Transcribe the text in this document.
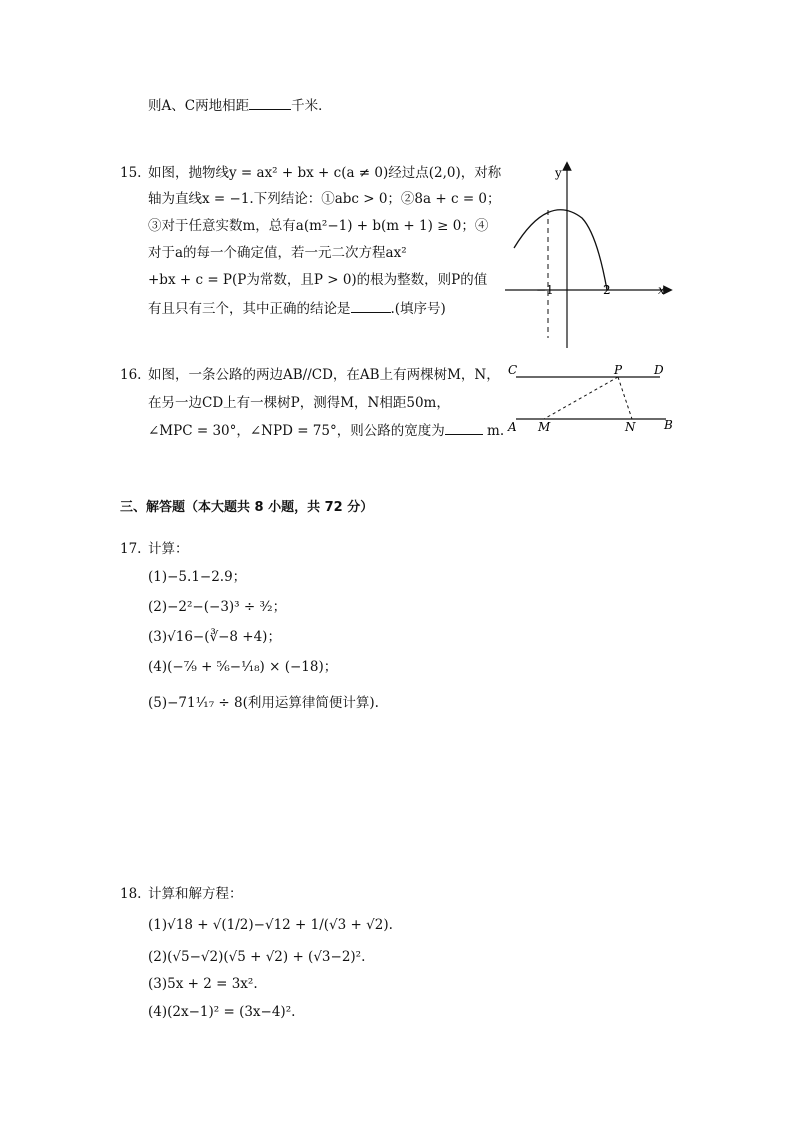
则A、C两地相距	千米．
15. 如图，抛物线y = ax² + bx + c(a ≠ 0)经过点(2,0)，对称
轴为直线x = −1.下列结论：①abc > 0；②8a + c = 0；
③对于任意实数m，总有a(m²−1) + b(m + 1) ≥ 0；④
对于a的每一个确定值，若一元二次方程ax²
+bx + c = P(P为常数，且P > 0)的根为整数，则P的值
有且只有三个，其中正确的结论是	.(填序号)
y
x
−1	2
16. 如图，一条公路的两边AB//CD，在AB上有两棵树M，N，
在另一边CD上有一棵树P，测得M，N相距50m，
∠MPC = 30°，∠NPD = 75°，则公路的宽度为	m.
C	P	D
A M	N B
三、解答题（本大题共 8 小题，共 72 分）
17. 计算：
(1)−5.1−2.9；
(2)−2²−(−3)³ ÷ ³⁄₂；
(3)√16−(∛−8 +4)；
(4)(−⁷⁄₉ + ⁵⁄₆−¹⁄₁₈) × (−18)；
(5)−71¹⁄₁₇ ÷ 8(利用运算律简便计算).
18. 计算和解方程：
(1)√18 + √(1/2)−√12 + 1/(√3 + √2).
(2)(√5−√2)(√5 + √2) + (√3−2)².
(3)5x + 2 = 3x².
(4)(2x−1)² = (3x−4)².
